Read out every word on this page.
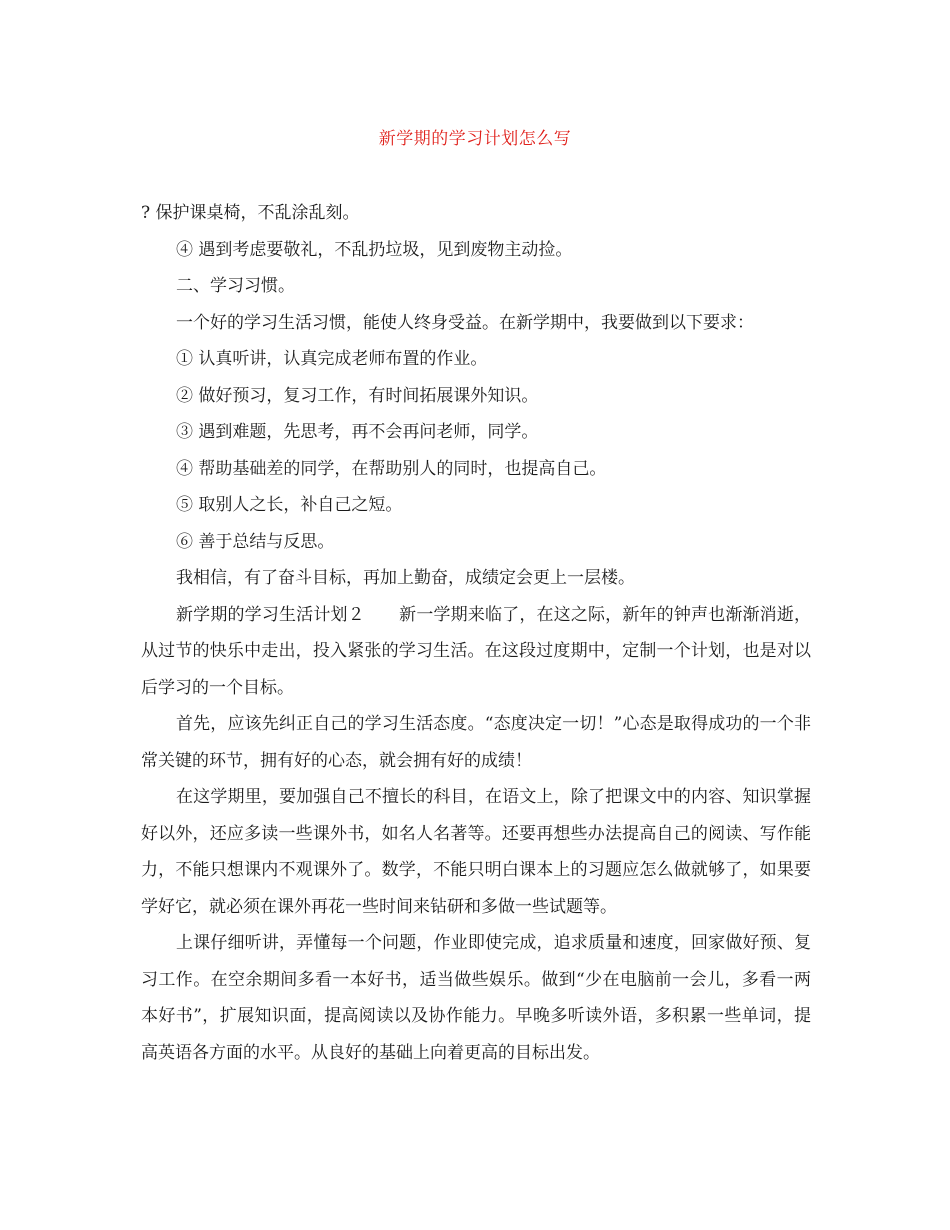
新学期的学习计划怎么写

? 保护课桌椅，不乱涂乱刻。

④ 遇到考虑要敬礼，不乱扔垃圾，见到废物主动捡。

二、学习习惯。

一个好的学习生活习惯，能使人终身受益。在新学期中，我要做到以下要求：

① 认真听讲，认真完成老师布置的作业。

② 做好预习，复习工作，有时间拓展课外知识。

③ 遇到难题，先思考，再不会再问老师，同学。

④ 帮助基础差的同学，在帮助别人的同时，也提高自己。

⑤ 取别人之长，补自己之短。

⑥ 善于总结与反思。

我相信，有了奋斗目标，再加上勤奋，成绩定会更上一层楼。

新学期的学习生活计划２　　新一学期来临了，在这之际，新年的钟声也渐渐消逝，从过节的快乐中走出，投入紧张的学习生活。在这段过度期中，定制一个计划，也是对以后学习的一个目标。

首先，应该先纠正自己的学习生活态度。“态度决定一切！”心态是取得成功的一个非常关键的环节，拥有好的心态，就会拥有好的成绩！

在这学期里，要加强自己不擅长的科目，在语文上，除了把课文中的内容、知识掌握好以外，还应多读一些课外书，如名人名著等。还要再想些办法提高自己的阅读、写作能力，不能只想课内不观课外了。数学，不能只明白课本上的习题应怎么做就够了，如果要学好它，就必须在课外再花一些时间来钻研和多做一些试题等。

上课仔细听讲，弄懂每一个问题，作业即使完成，追求质量和速度，回家做好预、复习工作。在空余期间多看一本好书，适当做些娱乐。做到“少在电脑前一会儿，多看一两本好书”，扩展知识面，提高阅读以及协作能力。早晚多听读外语，多积累一些单词，提高英语各方面的水平。从良好的基础上向着更高的目标出发。
